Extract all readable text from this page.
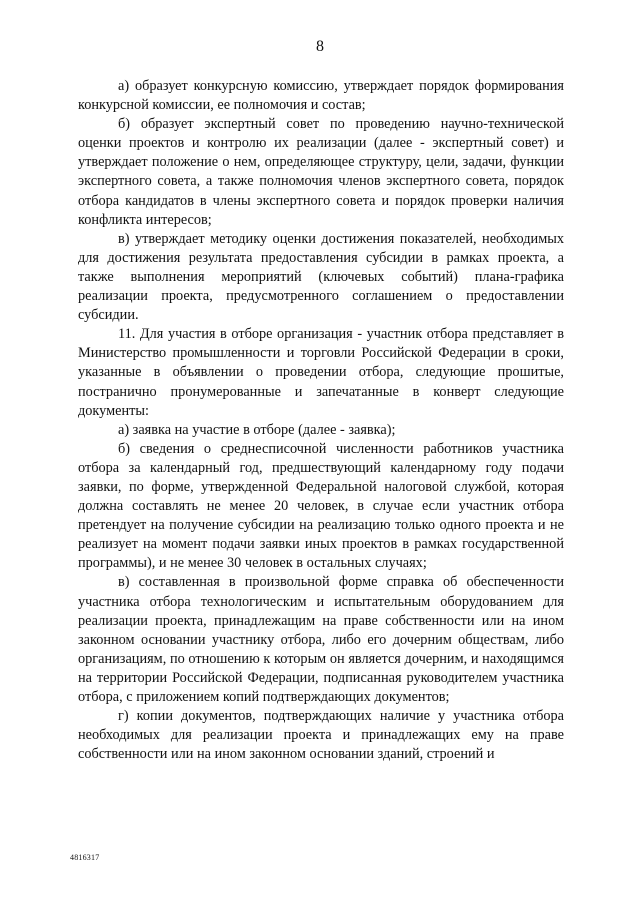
8

а) образует конкурсную комиссию, утверждает порядок формирования конкурсной комиссии, ее полномочия и состав;

б) образует экспертный совет по проведению научно-технической оценки проектов и контролю их реализации (далее - экспертный совет) и утверждает положение о нем, определяющее структуру, цели, задачи, функции экспертного совета, а также полномочия членов экспертного совета, порядок отбора кандидатов в члены экспертного совета и порядок проверки наличия конфликта интересов;

в) утверждает методику оценки достижения показателей, необходимых для достижения результата предоставления субсидии в рамках проекта, а также выполнения мероприятий (ключевых событий) плана-графика реализации проекта, предусмотренного соглашением о предоставлении субсидии.

11. Для участия в отборе организация - участник отбора представляет в Министерство промышленности и торговли Российской Федерации в сроки, указанные в объявлении о проведении отбора, следующие прошитые, постранично пронумерованные и запечатанные в конверт следующие документы:

а) заявка на участие в отборе (далее - заявка);

б) сведения о среднесписочной численности работников участника отбора за календарный год, предшествующий календарному году подачи заявки, по форме, утвержденной Федеральной налоговой службой, которая должна составлять не менее 20 человек, в случае если участник отбора претендует на получение субсидии на реализацию только одного проекта и не реализует на момент подачи заявки иных проектов в рамках государственной программы), и не менее 30 человек в остальных случаях;

в) составленная в произвольной форме справка об обеспеченности участника отбора технологическим и испытательным оборудованием для реализации проекта, принадлежащим на праве собственности или на ином законном основании участнику отбора, либо его дочерним обществам, либо организациям, по отношению к которым он является дочерним, и находящимся на территории Российской Федерации, подписанная руководителем участника отбора, с приложением копий подтверждающих документов;

г) копии документов, подтверждающих наличие у участника отбора необходимых для реализации проекта и принадлежащих ему на праве собственности или на ином законном основании зданий, строений и

4816317
